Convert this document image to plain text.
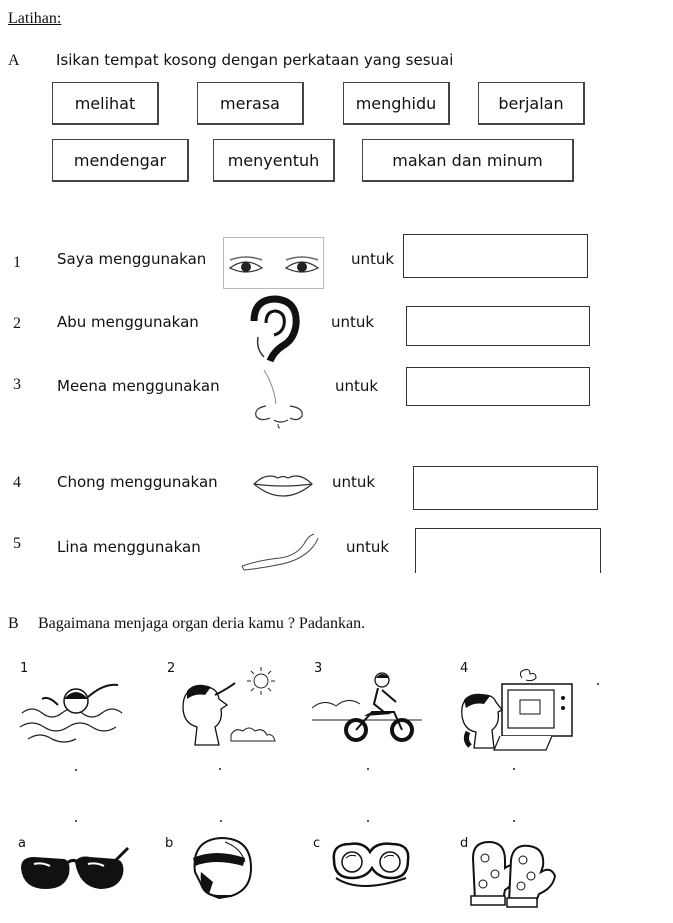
Latihan:
A Isikan tempat kosong dengan perkataan yang sesuai
melihat	merasa	menghidu	berjalan
mendengar	menyentuh	makan dan minum
1 Saya menggunakan	untuk
2 Abu menggunakan	untuk
3 Meena menggunakan	untuk
4 Chong menggunakan	untuk
5 Lina menggunakan	untuk
B Bagaimana menjaga organ deria kamu ? Padankan.
1	2	3	4
a	b	c	d
